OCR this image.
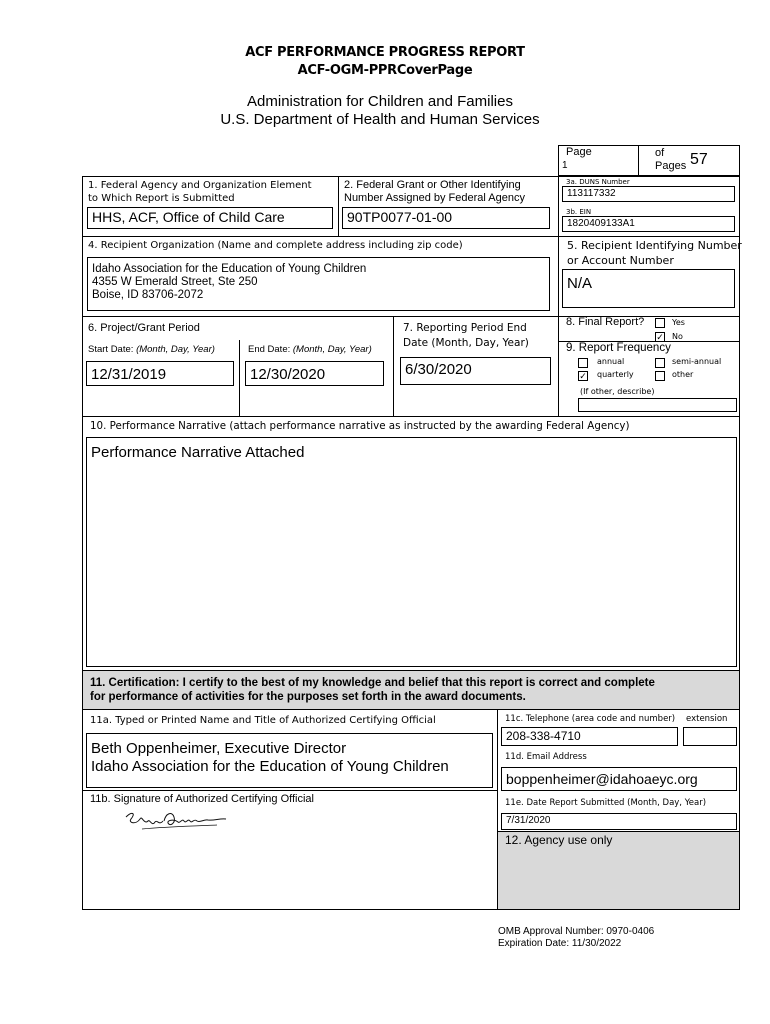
ACF PERFORMANCE PROGRESS REPORT
ACF-OGM-PPRCoverPage
Administration for Children and Families
U.S. Department of Health and Human Services
Page
1
of
Pages 57
1. Federal Agency and Organization Element
to Which Report is Submitted
HHS, ACF, Office of Child Care
2. Federal Grant or Other Identifying
Number Assigned by Federal Agency
90TP0077-01-00
3a. DUNS Number
113117332
3b. EIN
1820409133A1
4. Recipient Organization (Name and complete address including zip code)
Idaho Association for the Education of Young Children
4355 W Emerald Street, Ste 250
Boise, ID 83706-2072
5. Recipient Identifying Number
or Account Number
N/A
6. Project/Grant Period
Start Date: (Month, Day, Year)
12/31/2019
End Date: (Month, Day, Year)
12/30/2020
7. Reporting Period End
Date (Month, Day, Year)
6/30/2020
8. Final Report?	Yes
✓ No
9. Report Frequency
annual	semi-annual
✓ quarterly	other
(If other, describe)
10. Performance Narrative (attach performance narrative as instructed by the awarding Federal Agency)
Performance Narrative Attached
11. Certification: I certify to the best of my knowledge and belief that this report is correct and complete
for performance of activities for the purposes set forth in the award documents.
11a. Typed or Printed Name and Title of Authorized Certifying Official
Beth Oppenheimer, Executive Director
Idaho Association for the Education of Young Children
11b. Signature of Authorized Certifying Official
11c. Telephone (area code and number) extension
208-338-4710
11d. Email Address
boppenheimer@idahoaeyc.org
11e. Date Report Submitted (Month, Day, Year)
7/31/2020
12. Agency use only
OMB Approval Number: 0970-0406
Expiration Date: 11/30/2022
